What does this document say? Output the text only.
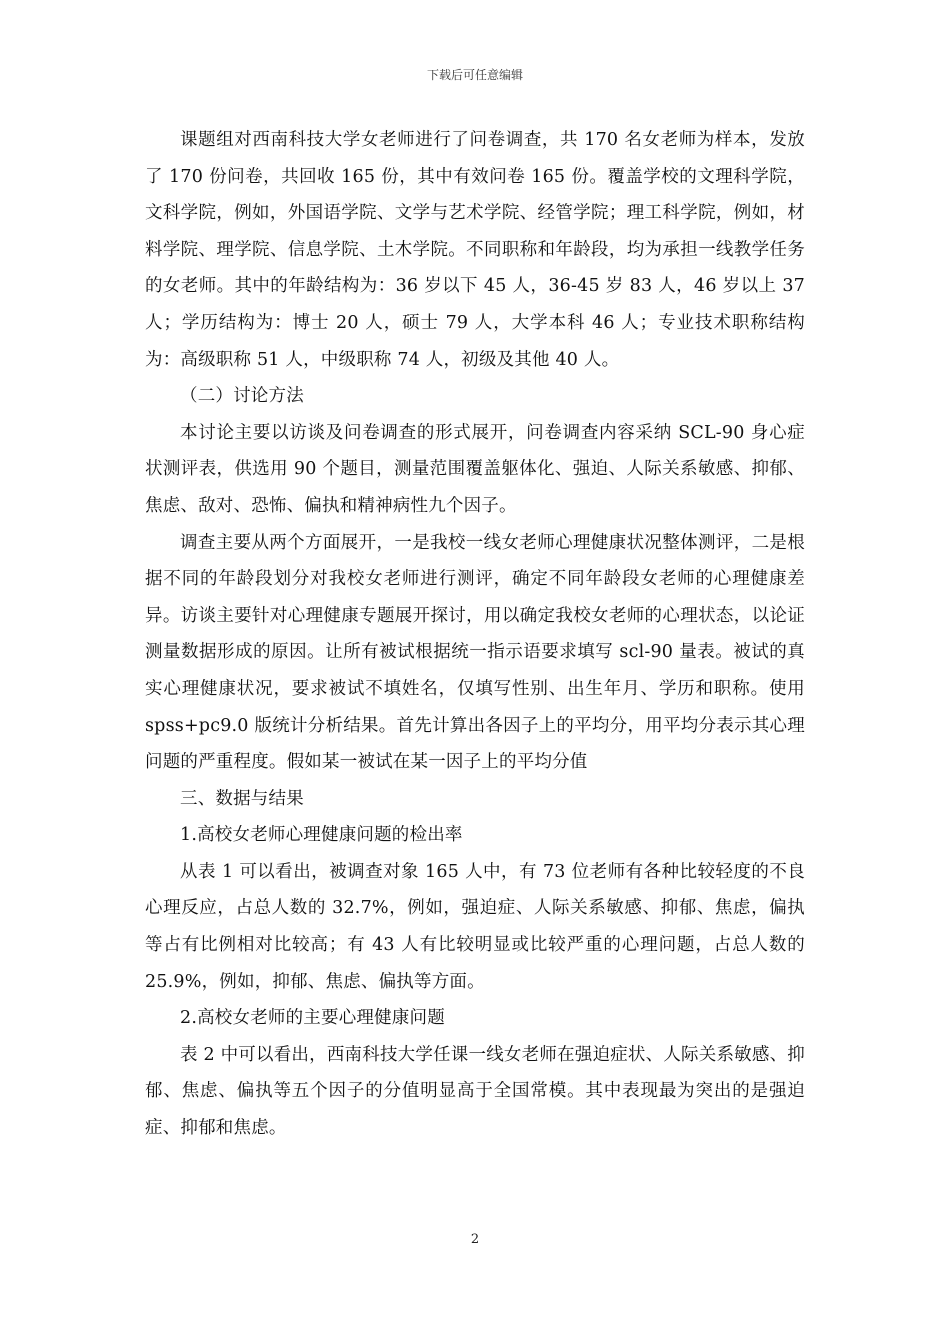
下载后可任意编辑

课题组对西南科技大学女老师进行了问卷调查，共 170 名女老师为样本，发放了 170 份问卷，共回收 165 份，其中有效问卷 165 份。覆盖学校的文理科学院，文科学院，例如，外国语学院、文学与艺术学院、经管学院；理工科学院，例如，材料学院、理学院、信息学院、土木学院。不同职称和年龄段，均为承担一线教学任务的女老师。其中的年龄结构为：36 岁以下 45 人，36-45 岁 83 人，46 岁以上 37 人；学历结构为：博士 20 人，硕士 79 人，大学本科 46 人；专业技术职称结构为：高级职称 51 人，中级职称 74 人，初级及其他 40 人。

（二）讨论方法

本讨论主要以访谈及问卷调查的形式展开，问卷调查内容采纳 SCL-90 身心症状测评表，供选用 90 个题目，测量范围覆盖躯体化、强迫、人际关系敏感、抑郁、焦虑、敌对、恐怖、偏执和精神病性九个因子。

调查主要从两个方面展开，一是我校一线女老师心理健康状况整体测评，二是根据不同的年龄段划分对我校女老师进行测评，确定不同年龄段女老师的心理健康差异。访谈主要针对心理健康专题展开探讨，用以确定我校女老师的心理状态，以论证测量数据形成的原因。让所有被试根据统一指示语要求填写 scl-90 量表。被试的真实心理健康状况，要求被试不填姓名，仅填写性别、出生年月、学历和职称。使用 spss+pc9.0 版统计分析结果。首先计算出各因子上的平均分，用平均分表示其心理问题的严重程度。假如某一被试在某一因子上的平均分值

三、数据与结果

1.高校女老师心理健康问题的检出率

从表 1 可以看出，被调查对象 165 人中，有 73 位老师有各种比较轻度的不良心理反应，占总人数的 32.7%，例如，强迫症、人际关系敏感、抑郁、焦虑，偏执等占有比例相对比较高；有 43 人有比较明显或比较严重的心理问题，占总人数的 25.9%，例如，抑郁、焦虑、偏执等方面。

2.高校女老师的主要心理健康问题

表 2 中可以看出，西南科技大学任课一线女老师在强迫症状、人际关系敏感、抑郁、焦虑、偏执等五个因子的分值明显高于全国常模。其中表现最为突出的是强迫症、抑郁和焦虑。

2
